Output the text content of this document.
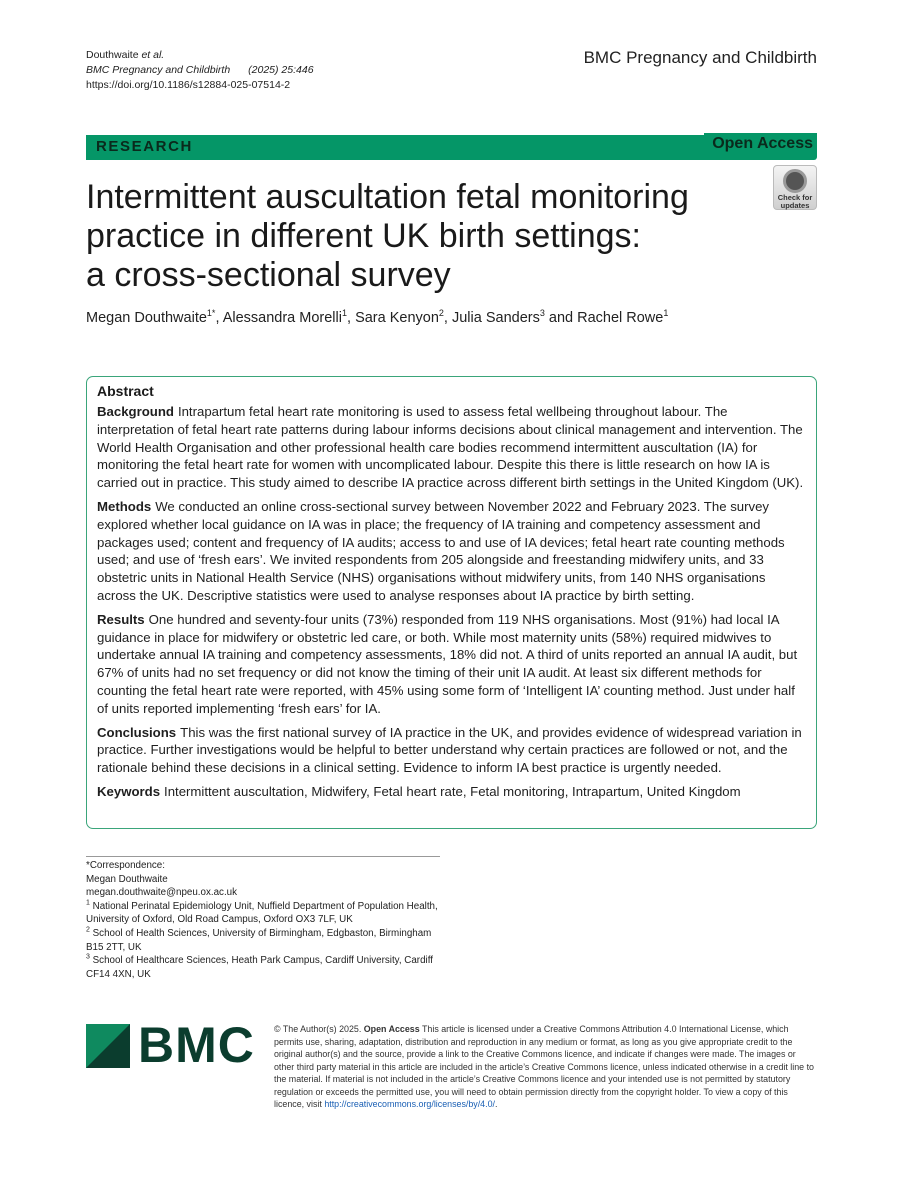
Douthwaite et al.
BMC Pregnancy and Childbirth (2025) 25:446
https://doi.org/10.1186/s12884-025-07514-2
BMC Pregnancy and Childbirth
RESEARCH	Open Access
Intermittent auscultation fetal monitoring
practice in different UK birth settings:
a cross-sectional survey
Check for
updates
Megan Douthwaite$^{1*}$, Alessandra Morelli$^1$, Sara Kenyon$^2$, Julia Sanders$^3$ and Rachel Rowe$^1$
Abstract

Background Intrapartum fetal heart rate monitoring is used to assess fetal wellbeing throughout labour. The interpretation of fetal heart rate patterns during labour informs decisions about clinical management and intervention. The World Health Organisation and other professional health care bodies recommend intermittent auscultation (IA) for monitoring the fetal heart rate for women with uncomplicated labour. Despite this there is little research on how IA is carried out in practice. This study aimed to describe IA practice across different birth settings in the United Kingdom (UK).

Methods We conducted an online cross-sectional survey between November 2022 and February 2023. The survey explored whether local guidance on IA was in place; the frequency of IA training and competency assessment and packages used; content and frequency of IA audits; access to and use of IA devices; fetal heart rate counting methods used; and use of ‘fresh ears’. We invited respondents from 205 alongside and freestanding midwifery units, and 33 obstetric units in National Health Service (NHS) organisations without midwifery units, from 140 NHS organisations across the UK. Descriptive statistics were used to analyse responses about IA practice by birth setting.

Results One hundred and seventy-four units (73%) responded from 119 NHS organisations. Most (91%) had local IA guidance in place for midwifery or obstetric led care, or both. While most maternity units (58%) required midwives to undertake annual IA training and competency assessments, 18% did not. A third of units reported an annual IA audit, but 67% of units had no set frequency or did not know the timing of their unit IA audit. At least six different methods for counting the fetal heart rate were reported, with 45% using some form of ‘Intelligent IA’ counting method. Just under half of units reported implementing ‘fresh ears’ for IA.

Conclusions This was the first national survey of IA practice in the UK, and provides evidence of widespread variation in practice. Further investigations would be helpful to better understand why certain practices are followed or not, and the rationale behind these decisions in a clinical setting. Evidence to inform IA best practice is urgently needed.

Keywords Intermittent auscultation, Midwifery, Fetal heart rate, Fetal monitoring, Intrapartum, United Kingdom

*Correspondence:
Megan Douthwaite
megan.douthwaite@npeu.ox.ac.uk
$^1$ National Perinatal Epidemiology Unit, Nuffield Department of Population Health, University of Oxford, Old Road Campus, Oxford OX3 7LF, UK
$^2$ School of Health Sciences, University of Birmingham, Edgbaston, Birmingham B15 2TT, UK
$^3$ School of Healthcare Sciences, Heath Park Campus, Cardiff University, Cardiff CF14 4XN, UK
BMC © The Author(s) 2025. Open Access This article is licensed under a Creative Commons Attribution 4.0 International License, which permits use, sharing, adaptation, distribution and reproduction in any medium or format, as long as you give appropriate credit to the original author(s) and the source, provide a link to the Creative Commons licence, and indicate if changes were made. The images or other third party material in this article are included in the article’s Creative Commons licence, unless indicated otherwise in a credit line to the material. If material is not included in the article’s Creative Commons licence and your intended use is not permitted by statutory regulation or exceeds the permitted use, you will need to obtain permission directly from the copyright holder. To view a copy of this licence, visit http://creativecommons.org/licenses/by/4.0/.
